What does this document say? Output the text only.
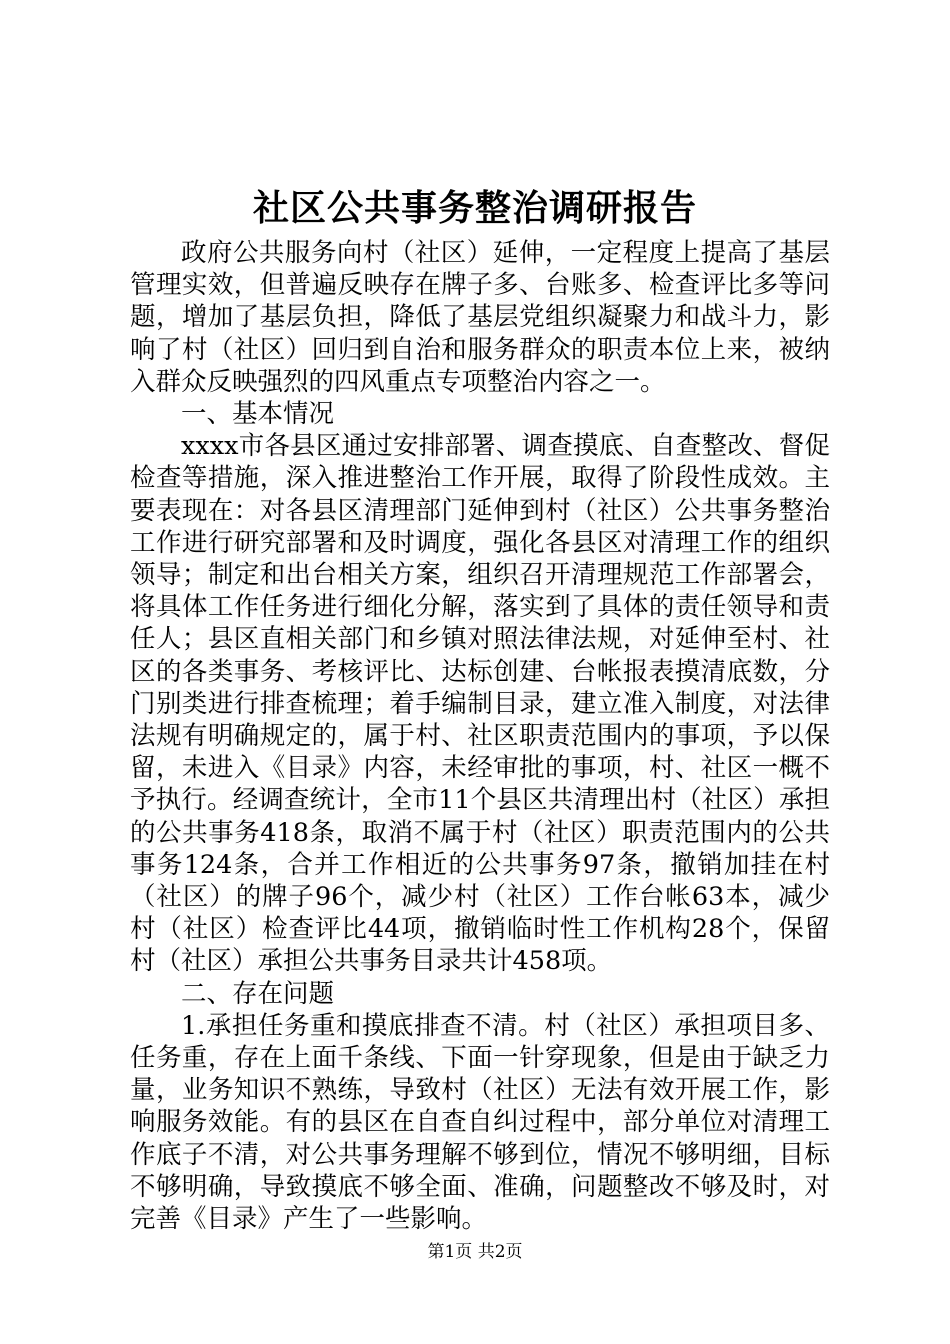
社区公共事务整治调研报告

政府公共服务向村（社区）延伸，一定程度上提高了基层管理实效，但普遍反映存在牌子多、台账多、检查评比多等问题，增加了基层负担，降低了基层党组织凝聚力和战斗力，影响了村（社区）回归到自治和服务群众的职责本位上来，被纳入群众反映强烈的四风重点专项整治内容之一。

一、基本情况

xxxx市各县区通过安排部署、调查摸底、自查整改、督促检查等措施，深入推进整治工作开展，取得了阶段性成效。主要表现在：对各县区清理部门延伸到村（社区）公共事务整治工作进行研究部署和及时调度，强化各县区对清理工作的组织领导；制定和出台相关方案，组织召开清理规范工作部署会，将具体工作任务进行细化分解，落实到了具体的责任领导和责任人；县区直相关部门和乡镇对照法律法规，对延伸至村、社区的各类事务、考核评比、达标创建、台帐报表摸清底数，分门别类进行排查梳理；着手编制目录，建立准入制度，对法律法规有明确规定的，属于村、社区职责范围内的事项，予以保留，未进入《目录》内容，未经审批的事项，村、社区一概不予执行。经调查统计，全市11个县区共清理出村（社区）承担的公共事务418条，取消不属于村（社区）职责范围内的公共事务124条，合并工作相近的公共事务97条，撤销加挂在村（社区）的牌子96个，减少村（社区）工作台帐63本，减少村（社区）检查评比44项，撤销临时性工作机构28个，保留村（社区）承担公共事务目录共计458项。

二、存在问题

1.承担任务重和摸底排查不清。村（社区）承担项目多、任务重，存在上面千条线、下面一针穿现象，但是由于缺乏力量，业务知识不熟练，导致村（社区）无法有效开展工作，影响服务效能。有的县区在自查自纠过程中，部分单位对清理工作底子不清，对公共事务理解不够到位，情况不够明细，目标不够明确，导致摸底不够全面、准确，问题整改不够及时，对完善《目录》产生了一些影响。

第1页 共2页
